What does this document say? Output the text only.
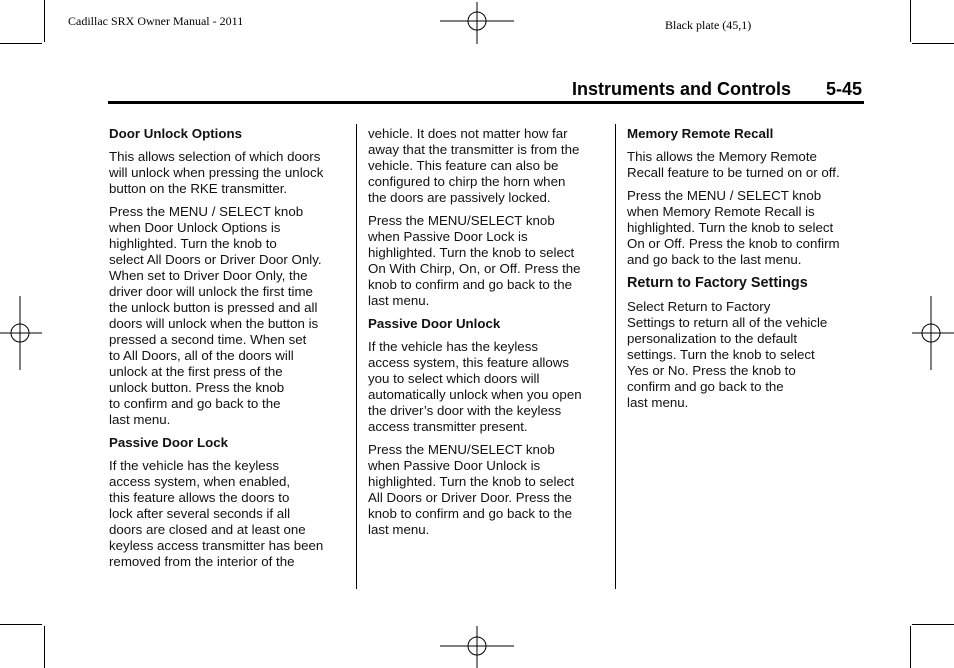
Cadillac SRX Owner Manual - 2011	Black plate (45,1)
Instruments and Controls 5-45
Door Unlock Options

This allows selection of which doors
will unlock when pressing the unlock
button on the RKE transmitter.

Press the MENU / SELECT knob
when Door Unlock Options is
highlighted. Turn the knob to
select All Doors or Driver Door Only.
When set to Driver Door Only, the
driver door will unlock the first time
the unlock button is pressed and all
doors will unlock when the button is
pressed a second time. When set
to All Doors, all of the doors will
unlock at the first press of the
unlock button. Press the knob
to confirm and go back to the
last menu.

Passive Door Lock

If the vehicle has the keyless
access system, when enabled,
this feature allows the doors to
lock after several seconds if all
doors are closed and at least one
keyless access transmitter has been
removed from the interior of the

vehicle. It does not matter how far
away that the transmitter is from the
vehicle. This feature can also be
configured to chirp the horn when
the doors are passively locked.

Press the MENU/SELECT knob
when Passive Door Lock is
highlighted. Turn the knob to select
On With Chirp, On, or Off. Press the
knob to confirm and go back to the
last menu.

Passive Door Unlock

If the vehicle has the keyless
access system, this feature allows
you to select which doors will
automatically unlock when you open
the driver’s door with the keyless
access transmitter present.

Press the MENU/SELECT knob
when Passive Door Unlock is
highlighted. Turn the knob to select
All Doors or Driver Door. Press the
knob to confirm and go back to the
last menu.

Memory Remote Recall

This allows the Memory Remote
Recall feature to be turned on or off.

Press the MENU / SELECT knob
when Memory Remote Recall is
highlighted. Turn the knob to select
On or Off. Press the knob to confirm
and go back to the last menu.

Return to Factory Settings

Select Return to Factory
Settings to return all of the vehicle
personalization to the default
settings. Turn the knob to select
Yes or No. Press the knob to
confirm and go back to the
last menu.
